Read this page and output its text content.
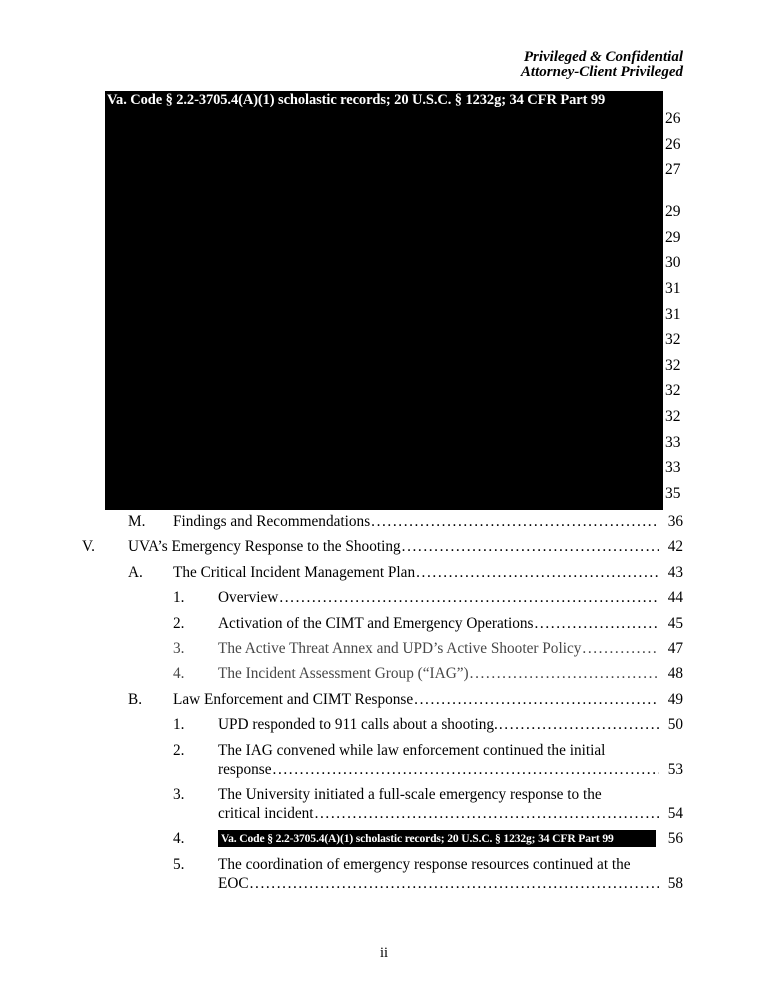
Privileged & Confidential
Attorney-Client Privileged
Va. Code § 2.2-3705.4(A)(1) scholastic records; 20 U.S.C. § 1232g; 34 CFR Part 99
26
26
27
29
29
30
31
31
32
32
32
32
33
33
35
M. Findings and Recommendations .....	36
V. UVA’s Emergency Response to the Shooting .....	42
A. The Critical Incident Management Plan .....	43
1. Overview .....	44
2. Activation of the CIMT and Emergency Operations .....	45
3. The Active Threat Annex and UPD’s Active Shooter Policy .....	47
4. The Incident Assessment Group (“IAG”) .....	48
B. Law Enforcement and CIMT Response .....	49
1. UPD responded to 911 calls about a shooting. .....	50
2. The IAG convened while law enforcement continued the initial
response .....	53
3. The University initiated a full-scale emergency response to the
critical incident .....	54
4.	Va. Code § 2.2-3705.4(A)(1) scholastic records; 20 U.S.C. § 1232g; 34 CFR Part 99	56
5. The coordination of emergency response resources continued at the
EOC .....	58
ii
